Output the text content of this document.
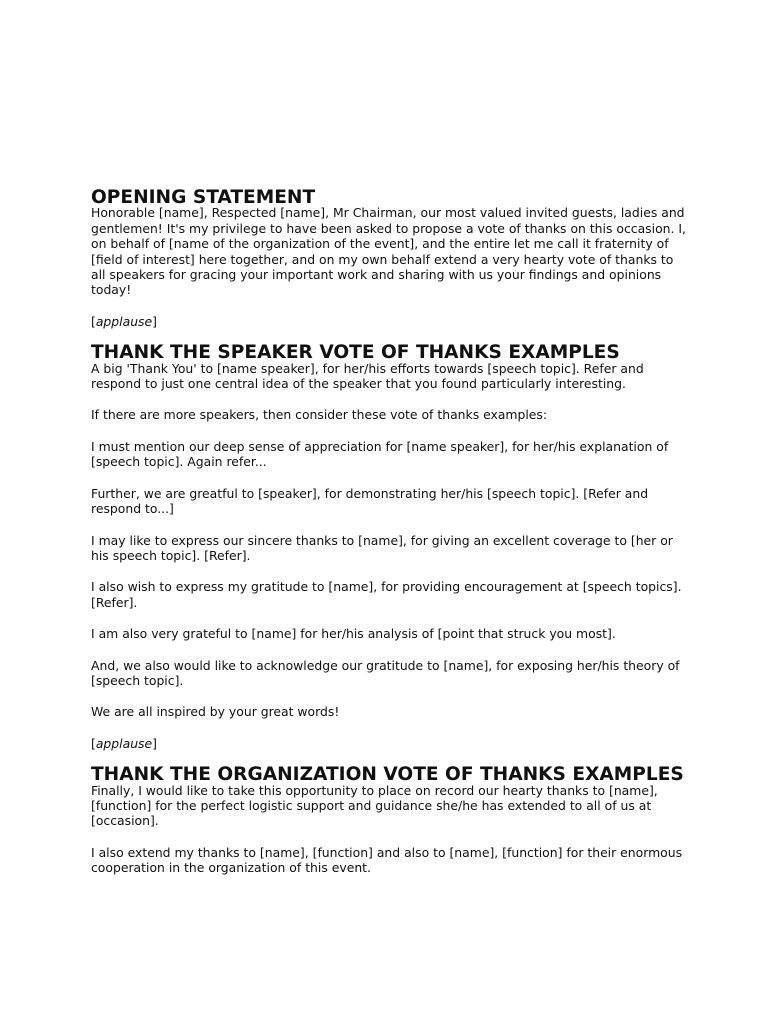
OPENING STATEMENT

Honorable [name], Respected [name], Mr Chairman, our most valued invited guests, ladies and gentlemen! It's my privilege to have been asked to propose a vote of thanks on this occasion. I, on behalf of [name of the organization of the event], and the entire let me call it fraternity of [field of interest] here together, and on my own behalf extend a very hearty vote of thanks to all speakers for gracing your important work and sharing with us your findings and opinions today!

[applause]

THANK THE SPEAKER VOTE OF THANKS EXAMPLES

A big 'Thank You' to [name speaker], for her/his efforts towards [speech topic]. Refer and respond to just one central idea of the speaker that you found particularly interesting.

If there are more speakers, then consider these vote of thanks examples:

I must mention our deep sense of appreciation for [name speaker], for her/his explanation of [speech topic]. Again refer...

Further, we are greatful to [speaker], for demonstrating her/his [speech topic]. [Refer and respond to...]

I may like to express our sincere thanks to [name], for giving an excellent coverage to [her or his speech topic]. [Refer].

I also wish to express my gratitude to [name], for providing encouragement at [speech topics]. [Refer].

I am also very grateful to [name] for her/his analysis of [point that struck you most].

And, we also would like to acknowledge our gratitude to [name], for exposing her/his theory of [speech topic].

We are all inspired by your great words!

[applause]

THANK THE ORGANIZATION VOTE OF THANKS EXAMPLES

Finally, I would like to take this opportunity to place on record our hearty thanks to [name], [function] for the perfect logistic support and guidance she/he has extended to all of us at [occasion].

I also extend my thanks to [name], [function] and also to [name], [function] for their enormous cooperation in the organization of this event.
